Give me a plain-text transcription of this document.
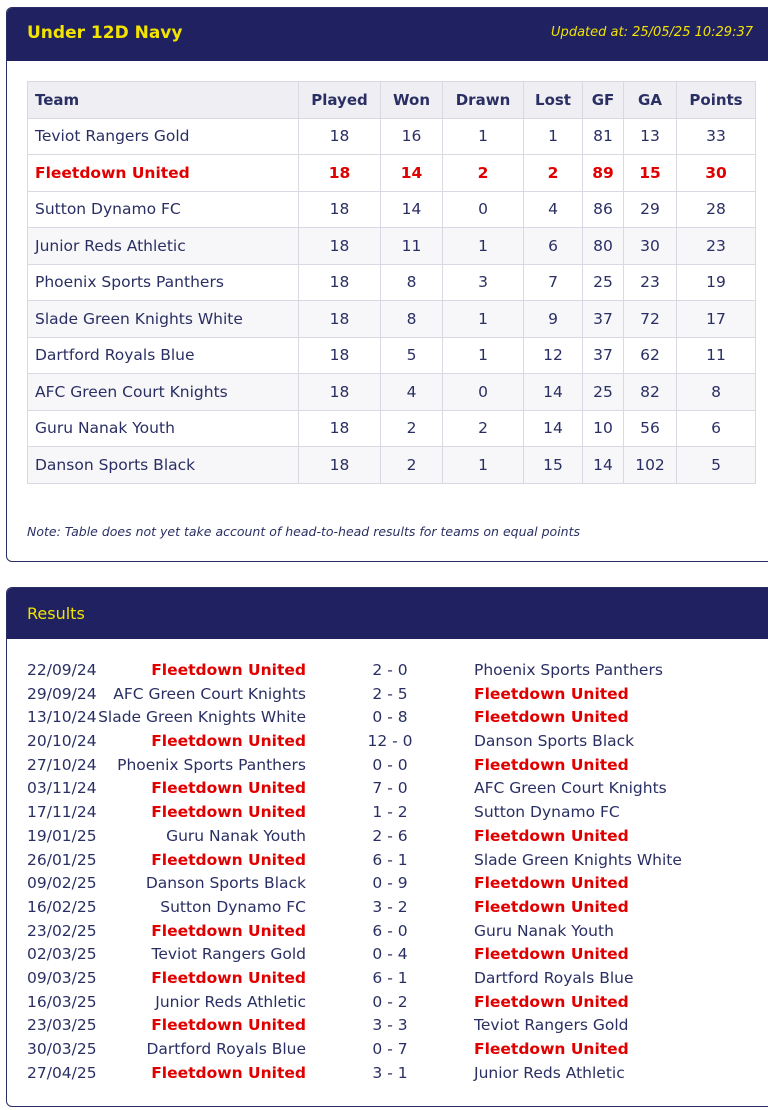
Under 12D Navy	Updated at: 25/05/25 10:29:37
Team	Played	Won	Drawn	Lost	GF	GA	Points
Teviot Rangers Gold	18	16	1	1	81	13	33
Fleetdown United	18	14	2	2	89	15	30
Sutton Dynamo FC	18	14	0	4	86	29	28
Junior Reds Athletic	18	11	1	6	80	30	23
Phoenix Sports Panthers	18	8	3	7	25	23	19
Slade Green Knights White	18	8	1	9	37	72	17
Dartford Royals Blue	18	5	1	12	37	62	11
AFC Green Court Knights	18	4	0	14	25	82	8
Guru Nanak Youth	18	2	2	14	10	56	6
Danson Sports Black	18	2	1	15	14	102	5
Note: Table does not yet take account of head-to-head results for teams on equal points
Results
22/09/24	Fleetdown United	2 - 0	Phoenix Sports Panthers
29/09/24 AFC Green Court Knights	2 - 5	Fleetdown United
13/10/24 Slade Green Knights White	0 - 8	Fleetdown United
20/10/24	Fleetdown United	12 - 0	Danson Sports Black
27/10/24 Phoenix Sports Panthers	0 - 0	Fleetdown United
03/11/24	Fleetdown United	7 - 0	AFC Green Court Knights
17/11/24	Fleetdown United	1 - 2	Sutton Dynamo FC
19/01/25	Guru Nanak Youth	2 - 6	Fleetdown United
26/01/25	Fleetdown United	6 - 1	Slade Green Knights White
09/02/25	Danson Sports Black	0 - 9	Fleetdown United
16/02/25	Sutton Dynamo FC	3 - 2	Fleetdown United
23/02/25	Fleetdown United	6 - 0	Guru Nanak Youth
02/03/25	Teviot Rangers Gold	0 - 4	Fleetdown United
09/03/25	Fleetdown United	6 - 1	Dartford Royals Blue
16/03/25	Junior Reds Athletic	0 - 2	Fleetdown United
23/03/25	Fleetdown United	3 - 3	Teviot Rangers Gold
30/03/25	Dartford Royals Blue	0 - 7	Fleetdown United
27/04/25	Fleetdown United	3 - 1	Junior Reds Athletic
